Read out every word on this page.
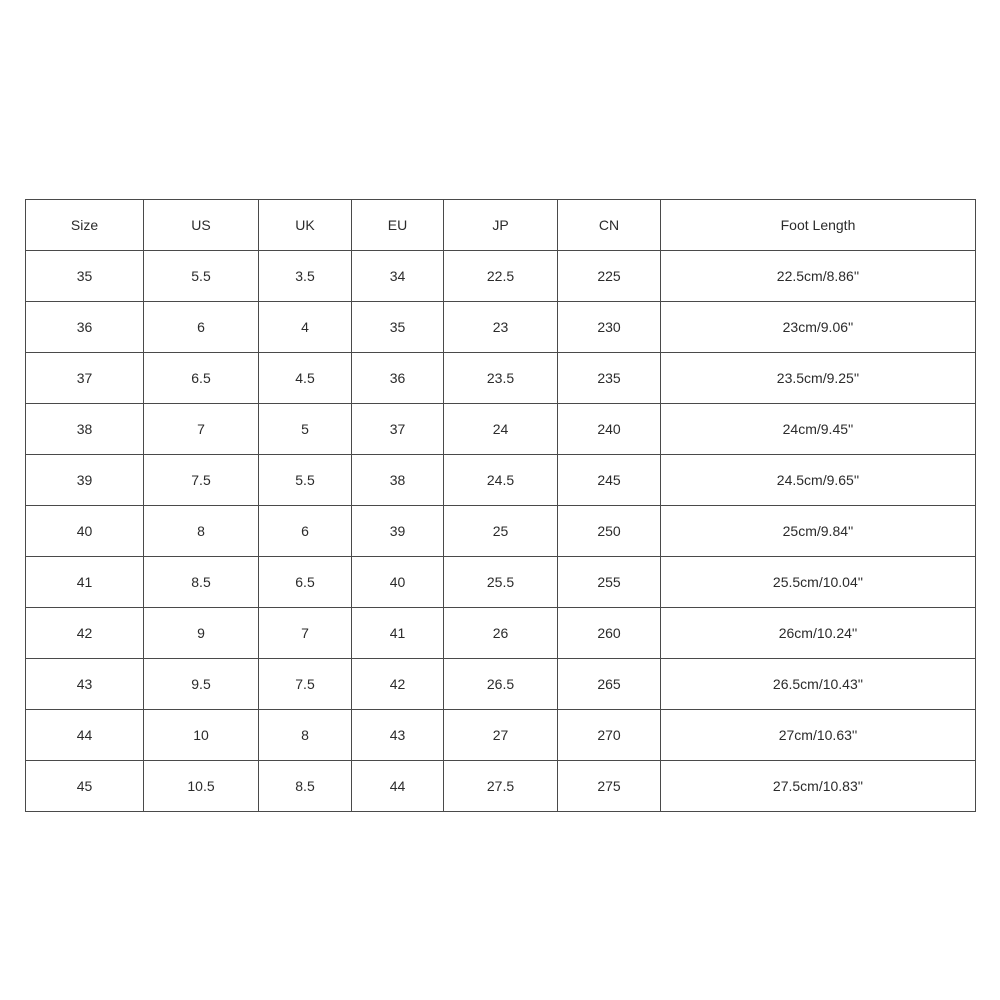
Size	US	UK	EU	JP	CN	Foot Length
35	5.5	3.5	34	22.5	225	22.5cm/8.86''
36	6	4	35	23	230	23cm/9.06''
37	6.5	4.5	36	23.5	235	23.5cm/9.25''
38	7	5	37	24	240	24cm/9.45''
39	7.5	5.5	38	24.5	245	24.5cm/9.65''
40	8	6	39	25	250	25cm/9.84''
41	8.5	6.5	40	25.5	255	25.5cm/10.04''
42	9	7	41	26	260	26cm/10.24''
43	9.5	7.5	42	26.5	265	26.5cm/10.43''
44	10	8	43	27	270	27cm/10.63''
45	10.5	8.5	44	27.5	275	27.5cm/10.83''
